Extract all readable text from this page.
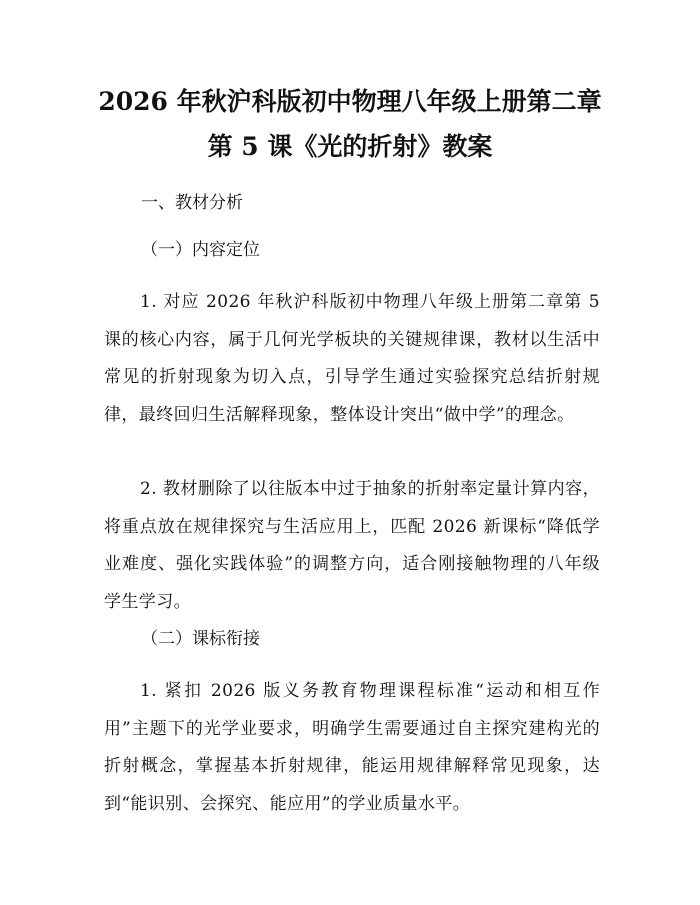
2026 年秋沪科版初中物理八年级上册第二章
第 5 课《光的折射》教案

一、教材分析

（一）内容定位

1. 对应 2026 年秋沪科版初中物理八年级上册第二章第 5 课的核心内容，属于几何光学板块的关键规律课，教材以生活中常见的折射现象为切入点，引导学生通过实验探究总结折射规律，最终回归生活解释现象，整体设计突出“做中学”的理念。

2. 教材删除了以往版本中过于抽象的折射率定量计算内容，将重点放在规律探究与生活应用上，匹配 2026 新课标“降低学业难度、强化实践体验”的调整方向，适合刚接触物理的八年级学生学习。

（二）课标衔接

1. 紧扣 2026 版义务教育物理课程标准“运动和相互作用”主题下的光学业要求，明确学生需要通过自主探究建构光的折射概念，掌握基本折射规律，能运用规律解释常见现象，达到“能识别、会探究、能应用”的学业质量水平。
